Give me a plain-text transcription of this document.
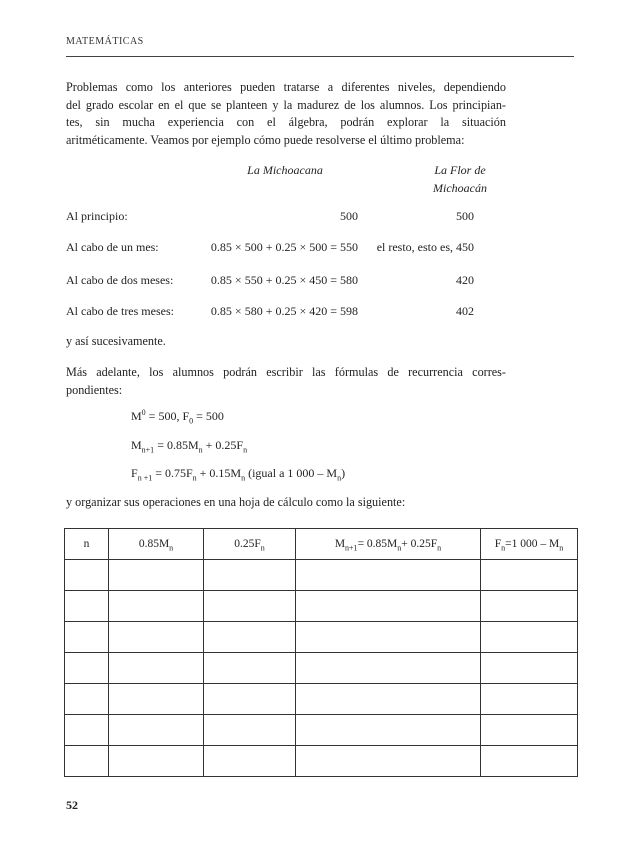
MATEMÁTICAS
Problemas como los anteriores pueden tratarse a diferentes niveles, dependiendo
del grado escolar en el que se planteen y la madurez de los alumnos. Los principian-
tes, sin mucha experiencia con el álgebra, podrán explorar la situación
aritméticamente. Veamos por ejemplo cómo puede resolverse el último problema:
La Michoacana	La Flor de
Michoacán
Al principio:	500	500
Al cabo de un mes:	0.85 × 500 + 0.25 × 500 = 550 el resto, esto es, 450
Al cabo de dos meses:	0.85 × 550 + 0.25 × 450 = 580	420
Al cabo de tres meses:	0.85 × 580 + 0.25 × 420 = 598	402
y así sucesivamente.
Más adelante, los alumnos podrán escribir las fórmulas de recurrencia corres-
pondientes:
$M^0 = 500$, $F_0 = 500$
$M_{n+1} = 0.85M_n + 0.25F_n$
$F_{n +1} = 0.75F_n + 0.15M_n$ (igual a 1 $000 - M_n$)
y organizar sus operaciones en una hoja de cálculo como la siguiente:
n	$0.85M_n$	$0.25F_n$	$M_{n+1}= 0.85M_n+ 0.25F_n$	$F_n=1$ $000 - M_n$

52
